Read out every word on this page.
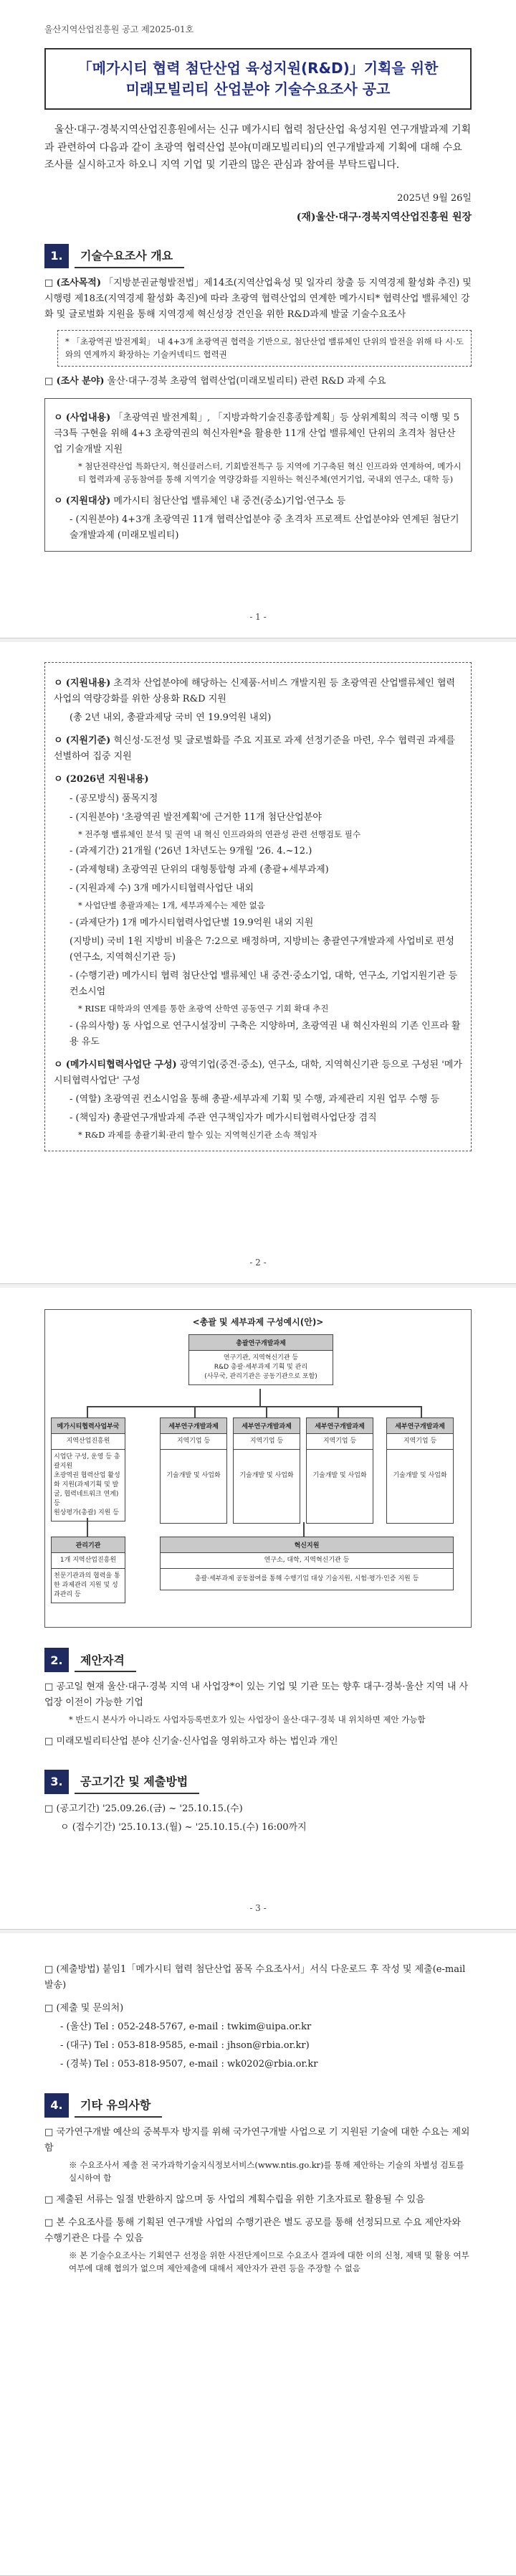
울산지역산업진흥원 공고 제2025-01호
「메가시티 협력 첨단산업 육성지원(R&D)」기획을 위한
미래모빌리티 산업분야 기술수요조사 공고
울산·대구·경북지역산업진흥원에서는 신규 메가시티 협력 첨단산업 육성지원 연구개발과제 기획과 관련하여 다음과 같이 초광역 협력산업 분야(미래모빌리티)의 연구개발과제 기획에 대해 수요조사를 실시하고자 하오니 지역 기업 및 기관의 많은 관심과 참여를 부탁드립니다.
2025년 9월 26일
(재)울산·대구·경북지역산업진흥원 원장
1.	기술수요조사 개요
□ (조사목적) 「지방분권균형발전법」제14조(지역산업육성 및 일자리 창출 등 지역경제 활성화 추진) 및 시행령 제18조(지역경제 활성화 촉진)에 따라 초광역 협력산업의 연계한 메가시티* 협력산업 밸류체인 강화 및 글로벌화 지원을 통해 지역경제 혁신성장 견인을 위한 R&D과제 발굴 기술수요조사
* 「초광역권 발전계획」 내 4+3개 초광역권 협력을 기반으로, 첨단산업 밸류체인 단위의 발전을 위해 타 시·도와의 연계까지 확장하는 기술커넥티드 협력권
□ (조사 분야) 울산·대구·경북 초광역 협력산업(미래모빌리티) 관련 R&D 과제 수요
ㅇ (사업내용) 「초광역권 발전계획」, 「지방과학기술진흥종합계획」등 상위계획의 적극 이행 및 5극3특 구현을 위해 4+3 초광역권의 혁신자원*을 활용한 11개 산업 밸류체인 단위의 초격차 첨단산업 기술개발 지원
* 첨단전략산업 특화단지, 혁신클러스터, 기회발전특구 등 지역에 기구축된 혁신 인프라와 연계하여, 메가시티 협력과제 공동참여를 통해 지역기술 역량강화를 지원하는 혁신주체(연거기업, 국내외 연구소, 대학 등)
ㅇ (지원대상) 메가시티 첨단산업 밸류체인 내 중견(중소)기업·연구소 등
- (지원분야) 4+3개 초광역권 11개 협력산업분야 중 초격차 프로젝트 산업분야와 연계된 첨단기술개발과제 (미래모빌리티)
- 1 -
ㅇ (지원내용) 초격차 산업분야에 해당하는 신제품·서비스 개발지원 등 초광역권 산업밸류체인 협력사업의 역량강화를 위한 상용화 R&D 지원
(총 2년 내외, 총괄과제당 국비 연 19.9억원 내외)
ㅇ (지원기준) 혁신성·도전성 및 글로벌화를 주요 지표로 과제 선정기준을 마련, 우수 협력권 과제를 선별하여 집중 지원
ㅇ (2026년 지원내용)
- (공모방식) 품목지정
- (지원분야) '초광역권 발전계획'에 근거한 11개 첨단산업분야
* 전주형 밸류체인 분석 및 권역 내 혁신 인프라와의 연관성 관련 선행검토 필수
- (과제기간) 21개월 ('26년 1차년도는 9개월 '26. 4.~12.)
- (과제형태) 초광역권 단위의 대형통합형 과제 (총괄+세부과제)
- (지원과제 수) 3개 메가시티협력사업단 내외
* 사업단별 총괄과제는 1개, 세부과제수는 제한 없음
- (과제단가) 1개 메가시티협력사업단별 19.9억원 내외 지원
(지방비) 국비 1원 지방비 비율은 7:2으로 배정하며, 지방비는 총괄연구개발과제 사업비로 편성(연구소, 지역혁신기관 등)
- (수행기관) 메가시티 협력 첨단산업 밸류체인 내 중견·중소기업, 대학, 연구소, 기업지원기관 등 컨소시엄
* RISE 대학과의 연계를 통한 초광역 산학연 공동연구 기회 확대 추진
- (유의사항) 동 사업으로 연구시설장비 구축은 지양하며, 초광역권 내 혁신자원의 기존 인프라 활용 유도
ㅇ (메가시티협력사업단 구성) 광역기업(중견·중소), 연구소, 대학, 지역혁신기관 등으로 구성된 '메가시티협력사업단' 구성
- (역할) 초광역권 컨소시엄을 통해 총괄·세부과제 기획 및 수행, 과제관리 지원 업무 수행 등
- (책임자) 총괄연구개발과제 주관 연구책임자가 메가시티협력사업단장 겸직
* R&D 과제를 총괄기획·관리 할수 있는 지역혁신기관 소속 책임자
- 2 -
<총괄 및 세부과제 구성예시(안)>
총괄연구개발과제
연구기관, 지역혁신기관 등
R&D 총괄·세부과제 기획 및 관리
(사무국, 관리기관은 공동기관으로 포함)
메가시티협력사업부국
지역산업진흥원
시업단 구성, 운영 등 총괄지원
초광역권 협력산업 활성화 지원(과제기획 및 발굴, 협력네트워크 연계) 등
원상평가(총괄) 지원 등
세부연구개발과제
지역기업 등
기술개발 및 사업화
세부연구개발과제
지역기업 등
기술개발 및 사업화
세부연구개발과제
지역기업 등
기술개발 및 사업화
세부연구개발과제
지역기업 등
기술개발 및 사업화
관리기관
1개 지역산업진흥원
천문기관과의 협력을 통한 과제관리 지원 및 성과관리 등
혁신지원
연구소, 대학, 지역혁신기관 등
총괄·세부과제 공동참여를 통해 수행기업 대상 기술지원, 시험·평가·인증 지원 등
2.	제안자격
□ 공고일 현재 울산·대구·경북 지역 내 사업장*이 있는 기업 및 기관 또는 향후 대구·경북·울산 지역 내 사업장 이전이 가능한 기업
* 반드시 본사가 아니라도 사업자등록번호가 있는 사업장이 울산·대구·경북 내 위치하면 제안 가능함
□ 미래모빌리티산업 분야 신기술·신사업을 영위하고자 하는 법인과 개인
3.	공고기간 및 제출방법
□ (공고기간) '25.09.26.(금) ~ '25.10.15.(수)
ㅇ (접수기간) '25.10.13.(월) ~ '25.10.15.(수) 16:00까지
- 3 -
□ (제출방법) 붙임1「메가시티 협력 첨단산업 품목 수요조사서」서식 다운로드 후 작성 및 제출(e-mail 발송)
□ (제출 및 문의처)
- (울산) Tel : 052-248-5767, e-mail : twkim@uipa.or.kr
- (대구) Tel : 053-818-9585, e-mail : jhson@rbia.or.kr)
- (경북) Tel : 053-818-9507, e-mail : wk0202@rbia.or.kr
4.	기타 유의사항
□ 국가연구개발 예산의 중복투자 방지를 위해 국가연구개발 사업으로 기 지원된 기술에 대한 수요는 제외함
※ 수요조사서 제출 전 국가과학기술지식정보서비스(www.ntis.go.kr)를 통해 제안하는 기술의 차별성 검토를 실시하여 함
□ 제출된 서류는 일절 반환하지 않으며 동 사업의 계획수립을 위한 기초자료로 활용될 수 있음
□ 본 수요조사를 통해 기획된 연구개발 사업의 수행기관은 별도 공모를 통해 선정되므로 수요 제안자와 수행기관은 다를 수 있음
※ 본 기술수요조사는 기획연구 선정을 위한 사전단계이므로 수요조사 결과에 대한 이의 신청, 제택 및 활용 여부 여부에 대해 협의가 없으며 제안제출에 대해서 제안자가 관련 등을 주장할 수 없음
